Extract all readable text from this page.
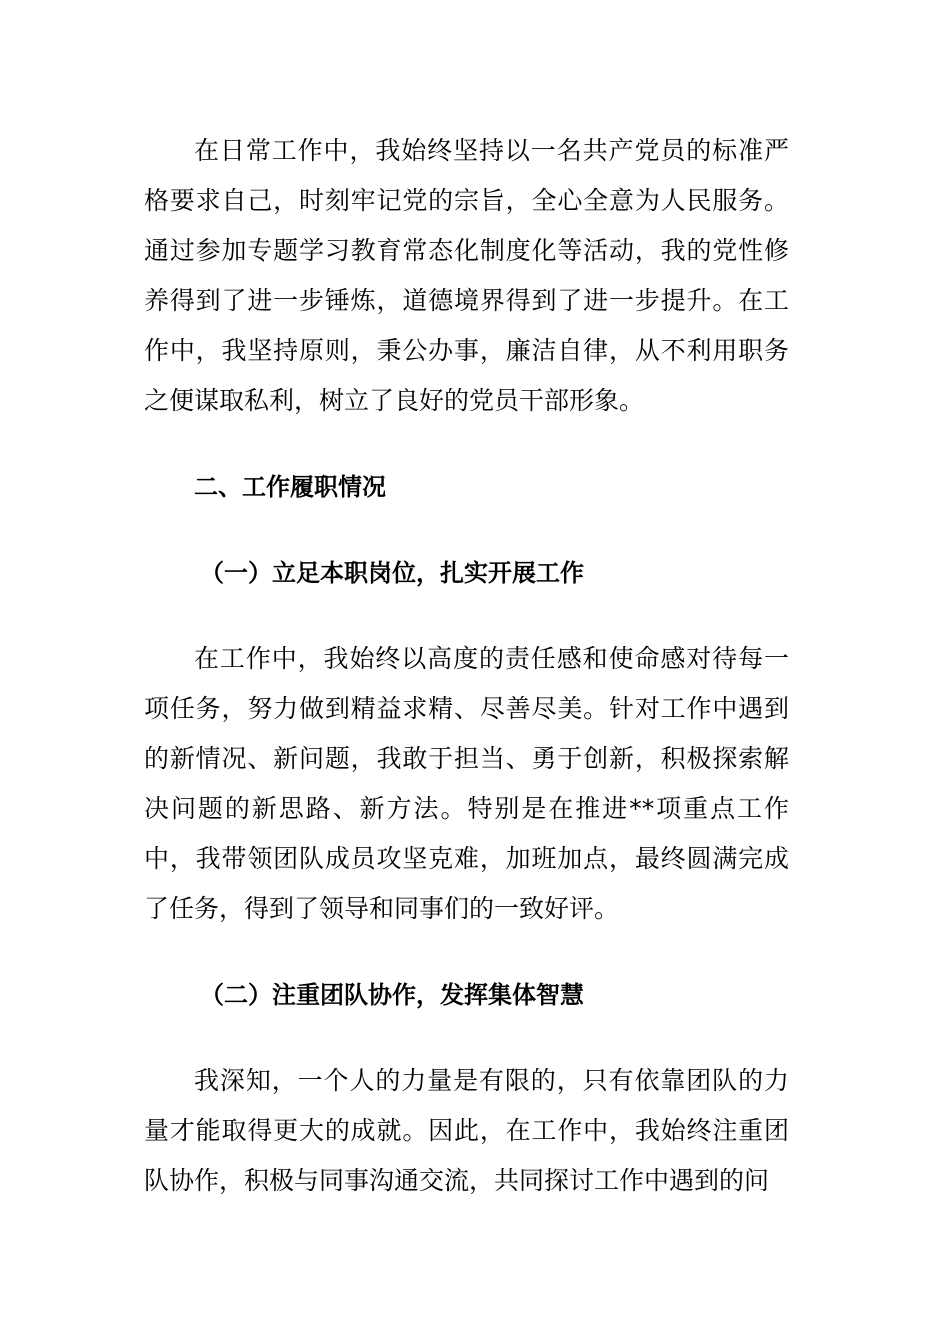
在日常工作中，我始终坚持以一名共产党员的标准严格要求自己，时刻牢记党的宗旨，全心全意为人民服务。通过参加专题学习教育常态化制度化等活动，我的党性修养得到了进一步锤炼，道德境界得到了进一步提升。在工作中，我坚持原则，秉公办事，廉洁自律，从不利用职务之便谋取私利，树立了良好的党员干部形象。

二、工作履职情况

（一）立足本职岗位，扎实开展工作

在工作中，我始终以高度的责任感和使命感对待每一项任务，努力做到精益求精、尽善尽美。针对工作中遇到的新情况、新问题，我敢于担当、勇于创新，积极探索解决问题的新思路、新方法。特别是在推进**项重点工作中，我带领团队成员攻坚克难，加班加点，最终圆满完成了任务，得到了领导和同事们的一致好评。

（二）注重团队协作，发挥集体智慧

我深知，一个人的力量是有限的，只有依靠团队的力量才能取得更大的成就。因此，在工作中，我始终注重团队协作，积极与同事沟通交流，共同探讨工作中遇到的问
